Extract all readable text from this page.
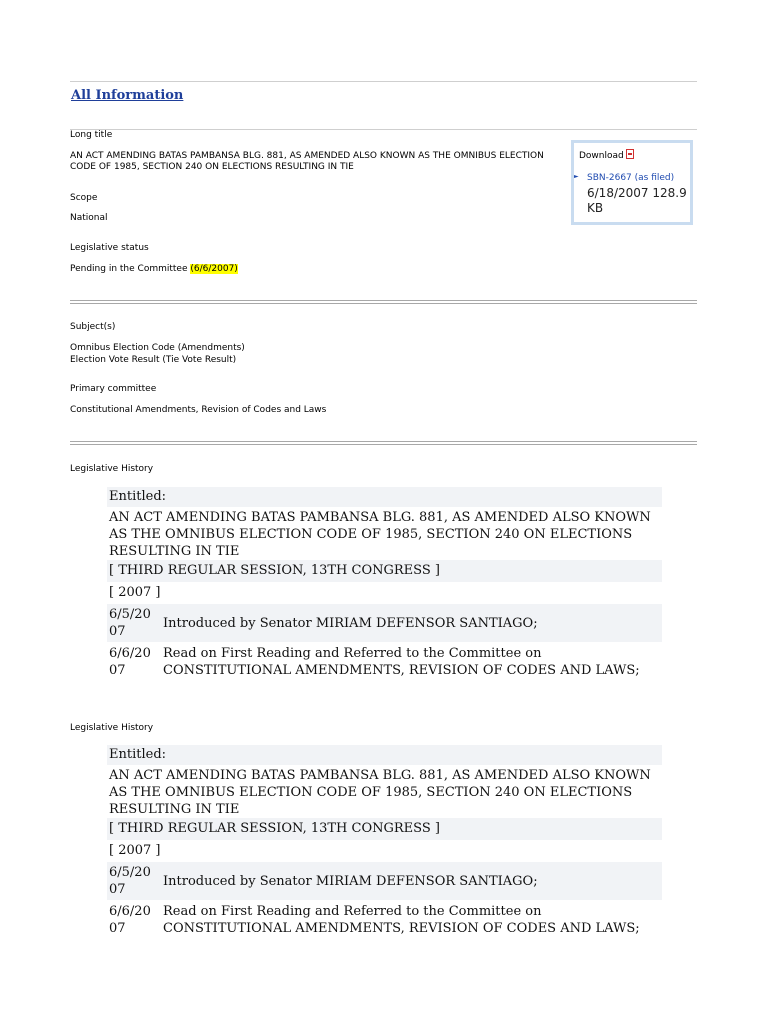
All Information
Long title
AN ACT AMENDING BATAS PAMBANSA BLG. 881, AS AMENDED ALSO KNOWN AS THE OMNIBUS ELECTION CODE OF 1985, SECTION 240 ON ELECTIONS RESULTING IN TIE
Scope
National
Legislative status
Pending in the Committee (6/6/2007)
Download
► SBN-2667 (as filed)
6/18/2007 128.9 KB
Subject(s)
Omnibus Election Code (Amendments)
Election Vote Result (Tie Vote Result)
Primary committee
Constitutional Amendments, Revision of Codes and Laws
Legislative History
Entitled:
AN ACT AMENDING BATAS PAMBANSA BLG. 881, AS AMENDED ALSO KNOWN AS THE OMNIBUS ELECTION CODE OF 1985, SECTION 240 ON ELECTIONS RESULTING IN TIE
[ THIRD REGULAR SESSION, 13TH CONGRESS ]
[ 2007 ]
6/5/2007
Introduced by Senator MIRIAM DEFENSOR SANTIAGO;
6/6/2007
Read on First Reading and Referred to the Committee on CONSTITUTIONAL AMENDMENTS, REVISION OF CODES AND LAWS;
Legislative History
Entitled:
AN ACT AMENDING BATAS PAMBANSA BLG. 881, AS AMENDED ALSO KNOWN AS THE OMNIBUS ELECTION CODE OF 1985, SECTION 240 ON ELECTIONS RESULTING IN TIE
[ THIRD REGULAR SESSION, 13TH CONGRESS ]
[ 2007 ]
6/5/2007
Introduced by Senator MIRIAM DEFENSOR SANTIAGO;
6/6/2007
Read on First Reading and Referred to the Committee on CONSTITUTIONAL AMENDMENTS, REVISION OF CODES AND LAWS;
